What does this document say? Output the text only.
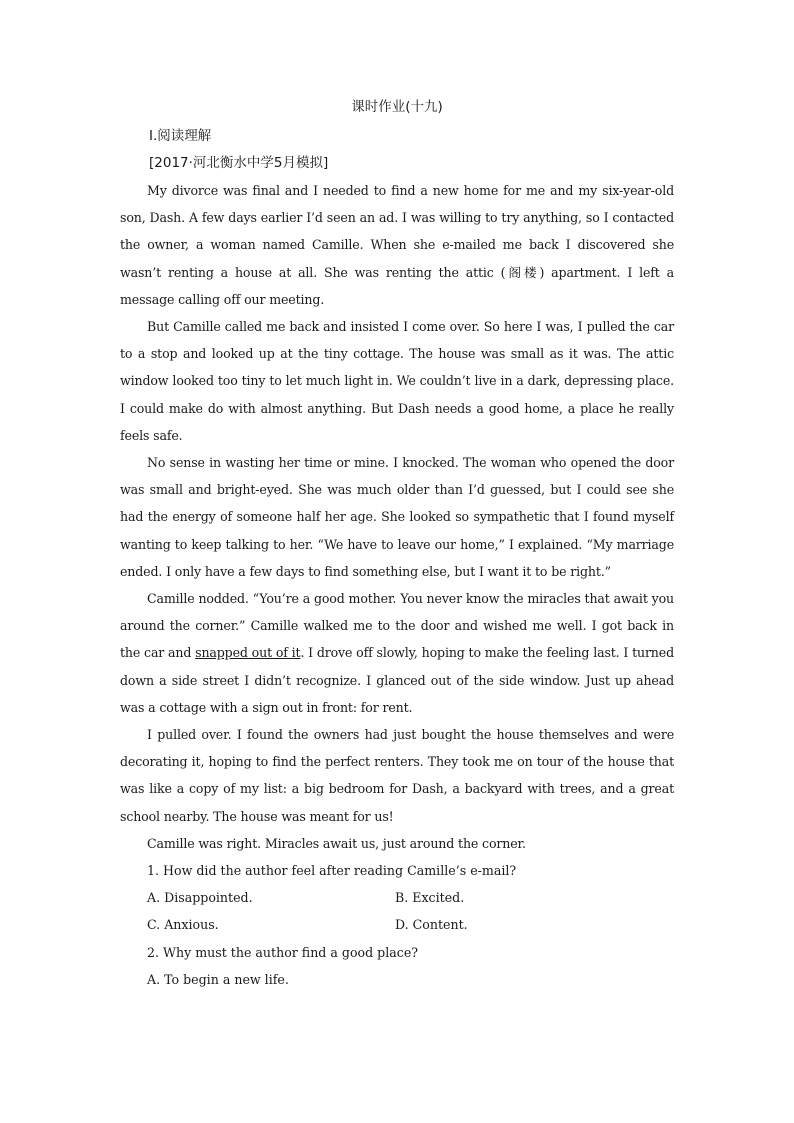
课时作业(十九)
Ⅰ.阅读理解
[2017·河北衡水中学5月模拟]

My divorce was final and I needed to find a new home for me and my six-year-old son, Dash. A few days earlier I’d seen an ad. I was willing to try anything, so I contacted the owner, a woman named Camille. When she e-mailed me back I discovered she wasn’t renting a house at all. She was renting the attic (阁楼) apartment. I left a message calling off our meeting.

But Camille called me back and insisted I come over. So here I was, I pulled the car to a stop and looked up at the tiny cottage. The house was small as it was. The attic window looked too tiny to let much light in. We couldn’t live in a dark, depressing place. I could make do with almost anything. But Dash needs a good home, a place he really feels safe.

No sense in wasting her time or mine. I knocked. The woman who opened the door was small and bright-eyed. She was much older than I’d guessed, but I could see she had the energy of someone half her age. She looked so sympathetic that I found myself wanting to keep talking to her. “We have to leave our home,” I explained. “My marriage ended. I only have a few days to find something else, but I want it to be right.”

Camille nodded. “You’re a good mother. You never know the miracles that await you around the corner.” Camille walked me to the door and wished me well. I got back in the car and snapped out of it. I drove off slowly, hoping to make the feeling last. I turned down a side street I didn’t recognize. I glanced out of the side window. Just up ahead was a cottage with a sign out in front: for rent.

I pulled over. I found the owners had just bought the house themselves and were decorating it, hoping to find the perfect renters. They took me on tour of the house that was like a copy of my list: a big bedroom for Dash, a backyard with trees, and a great school nearby. The house was meant for us!

Camille was right. Miracles await us, just around the corner.

1. How did the author feel after reading Camille’s e-mail?

A. Disappointed.	B. Excited.
C. Anxious.	D. Content.

2. Why must the author find a good place?

A. To begin a new life.
